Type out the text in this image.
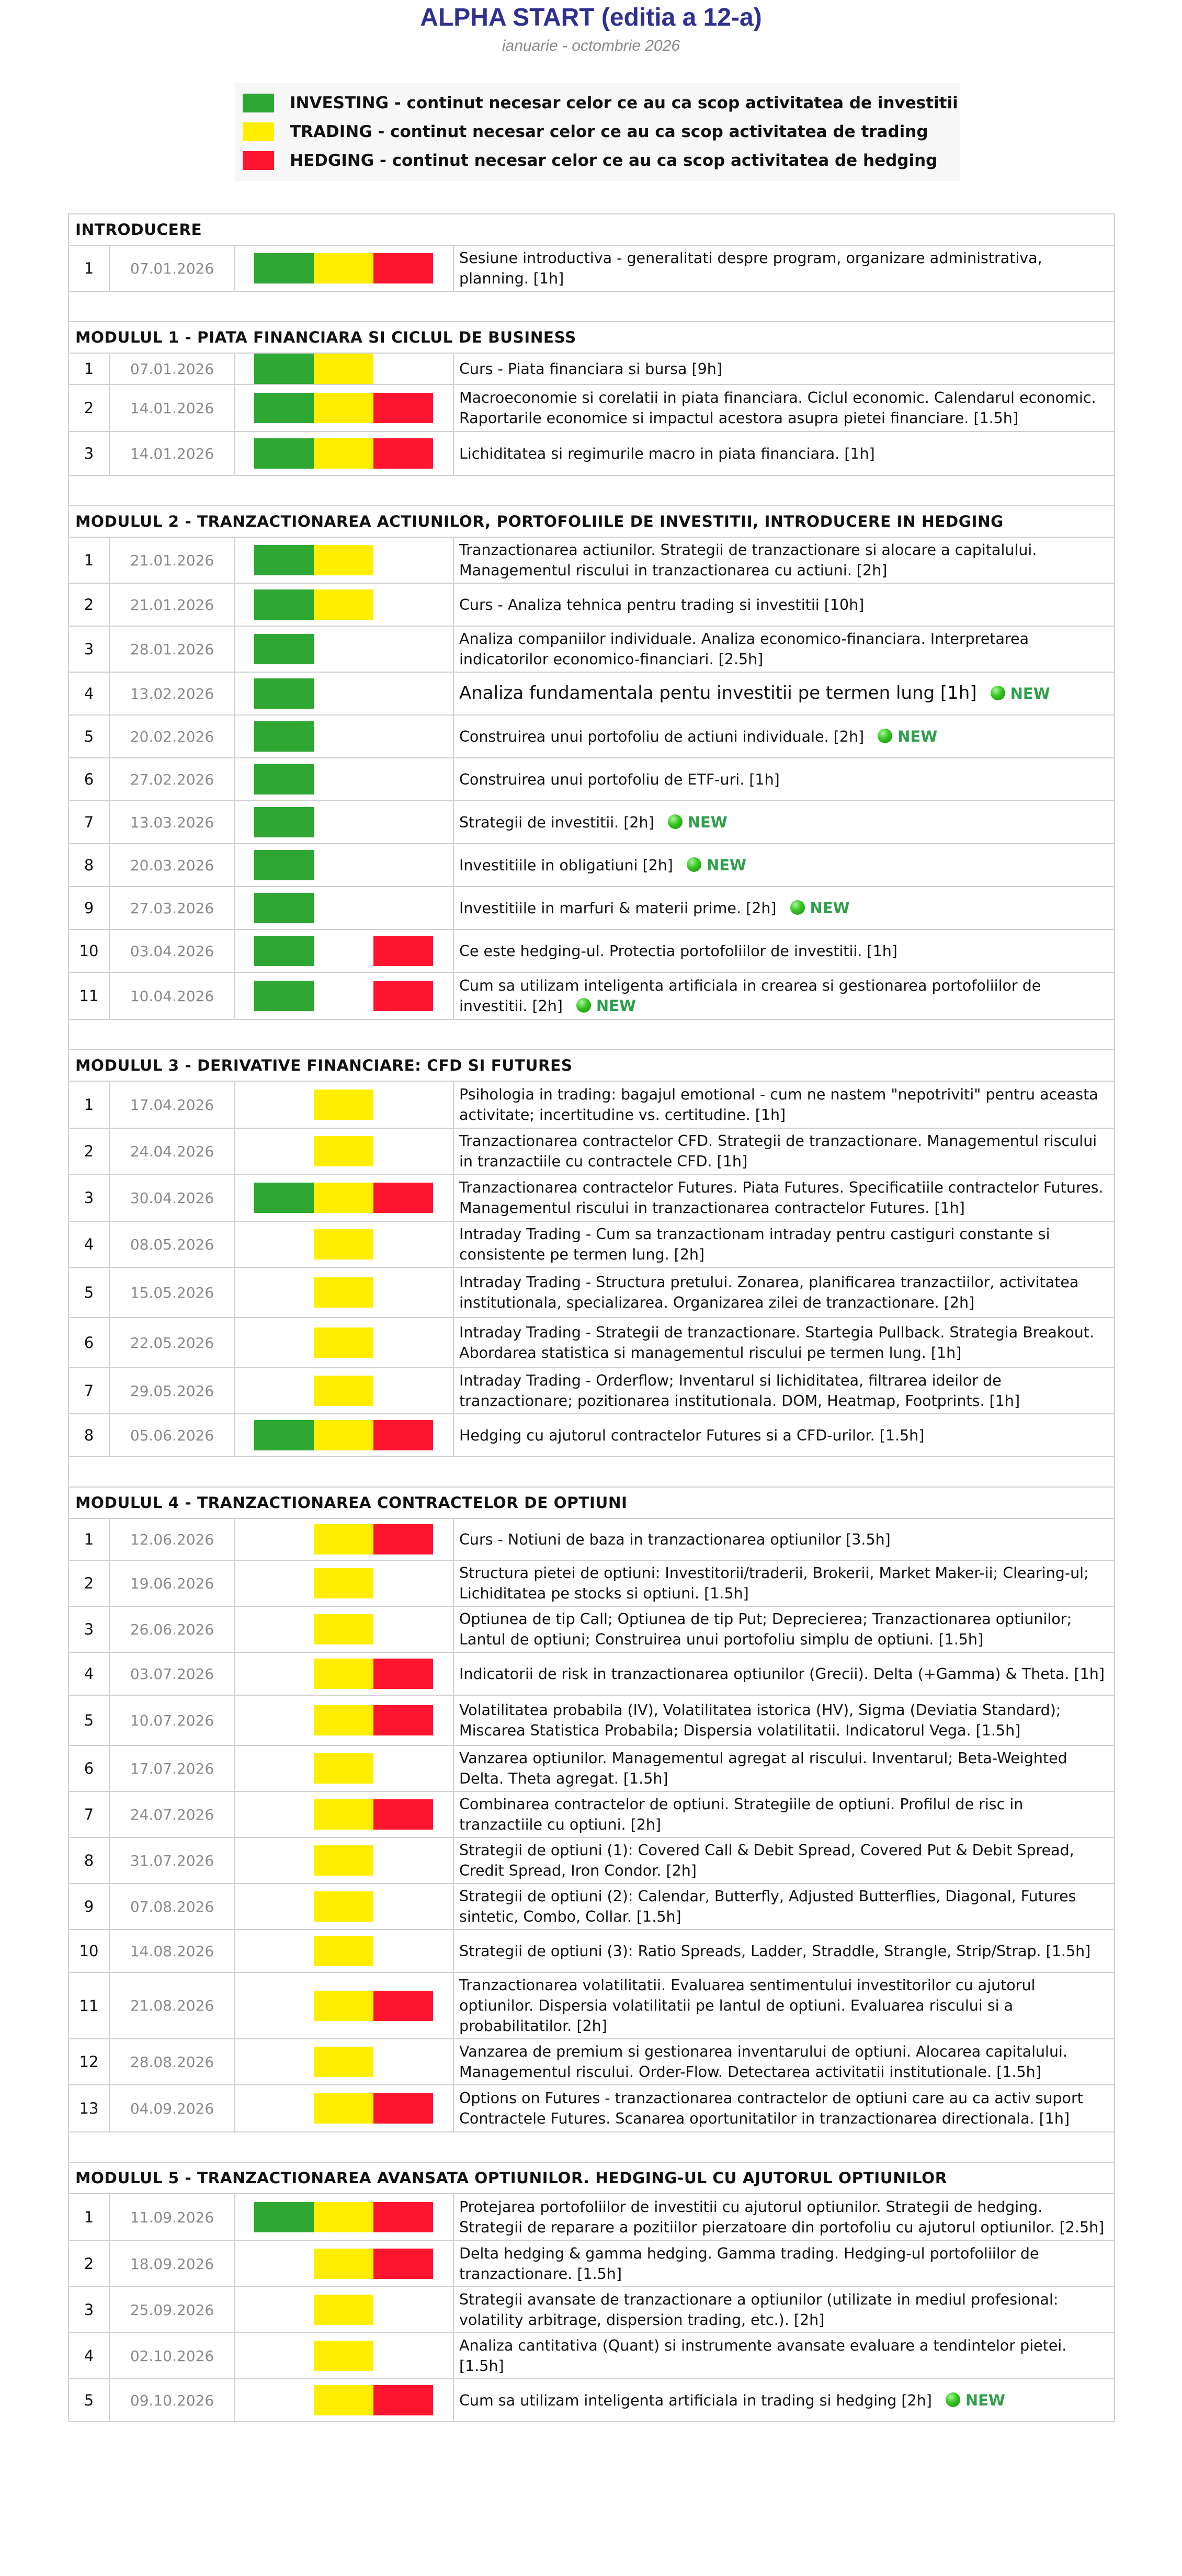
ALPHA START (editia a 12-a)
ianuarie - octombrie 2026
INVESTING - continut necesar celor ce au ca scop activitatea de investitii
TRADING - continut necesar celor ce au ca scop activitatea de trading
HEDGING - continut necesar celor ce au ca scop activitatea de hedging
INTRODUCERE			
1	07.01.2026		Sesiune introductiva - generalitati despre program, organizare administrativa, planning. [1h]

MODULUL 1 - PIATA FINANCIARA SI CICLUL DE BUSINESS			
1	07.01.2026		Curs - Piata financiara si bursa [9h]
2	14.01.2026		Macroeconomie si corelatii in piata financiara. Ciclul economic. Calendarul economic. Raportarile economice si impactul acestora asupra pietei financiare. [1.5h]
3	14.01.2026		Lichiditatea si regimurile macro in piata financiara. [1h]

MODULUL 2 - TRANZACTIONAREA ACTIUNILOR, PORTOFOLIILE DE INVESTITII, INTRODUCERE IN HEDGING			
1	21.01.2026		Tranzactionarea actiunilor. Strategii de tranzactionare si alocare a capitalului. Managementul riscului in tranzactionarea cu actiuni. [2h]
2	21.01.2026		Curs - Analiza tehnica pentru trading si investitii [10h]
3	28.01.2026		Analiza companiilor individuale. Analiza economico-financiara. Interpretarea indicatorilor economico-financiari. [2.5h]
4	13.02.2026		Analiza fundamentala pentu investitii pe termen lung [1h] NEW
5	20.02.2026		Construirea unui portofoliu de actiuni individuale. [2h] NEW
6	27.02.2026		Construirea unui portofoliu de ETF-uri. [1h]
7	13.03.2026		Strategii de investitii. [2h] NEW
8	20.03.2026		Investitiile in obligatiuni [2h] NEW
9	27.03.2026		Investitiile in marfuri & materii prime. [2h] NEW
10	03.04.2026		Ce este hedging-ul. Protectia portofoliilor de investitii. [1h]
11	10.04.2026		Cum sa utilizam inteligenta artificiala in crearea si gestionarea portofoliilor de investitii. [2h] NEW

MODULUL 3 - DERIVATIVE FINANCIARE: CFD SI FUTURES			
1	17.04.2026		Psihologia in trading: bagajul emotional - cum ne nastem "nepotriviti" pentru aceasta activitate; incertitudine vs. certitudine. [1h]
2	24.04.2026		Tranzactionarea contractelor CFD. Strategii de tranzactionare. Managementul riscului in tranzactiile cu contractele CFD. [1h]
3	30.04.2026		Tranzactionarea contractelor Futures. Piata Futures. Specificatiile contractelor Futures. Managementul riscului in tranzactionarea contractelor Futures. [1h]
4	08.05.2026		Intraday Trading - Cum sa tranzactionam intraday pentru castiguri constante si consistente pe termen lung. [2h]
5	15.05.2026		Intraday Trading - Structura pretului. Zonarea, planificarea tranzactiilor, activitatea institutionala, specializarea. Organizarea zilei de tranzactionare. [2h]
6	22.05.2026		Intraday Trading - Strategii de tranzactionare. Startegia Pullback. Strategia Breakout. Abordarea statistica si managementul riscului pe termen lung. [1h]
7	29.05.2026		Intraday Trading - Orderflow; Inventarul si lichiditatea, filtrarea ideilor de tranzactionare; pozitionarea institutionala. DOM, Heatmap, Footprints. [1h]
8	05.06.2026		Hedging cu ajutorul contractelor Futures si a CFD-urilor. [1.5h]

MODULUL 4 - TRANZACTIONAREA CONTRACTELOR DE OPTIUNI			
1	12.06.2026		Curs - Notiuni de baza in tranzactionarea optiunilor [3.5h]
2	19.06.2026		Structura pietei de optiuni: Investitorii/traderii, Brokerii, Market Maker-ii; Clearing-ul; Lichiditatea pe stocks si optiuni. [1.5h]
3	26.06.2026		Optiunea de tip Call; Optiunea de tip Put; Deprecierea; Tranzactionarea optiunilor; Lantul de optiuni; Construirea unui portofoliu simplu de optiuni. [1.5h]
4	03.07.2026		Indicatorii de risk in tranzactionarea optiunilor (Grecii). Delta (+Gamma) & Theta. [1h]
5	10.07.2026		Volatilitatea probabila (IV), Volatilitatea istorica (HV), Sigma (Deviatia Standard); Miscarea Statistica Probabila; Dispersia volatilitatii. Indicatorul Vega. [1.5h]
6	17.07.2026		Vanzarea optiunilor. Managementul agregat al riscului. Inventarul; Beta-Weighted Delta. Theta agregat. [1.5h]
7	24.07.2026		Combinarea contractelor de optiuni. Strategiile de optiuni. Profilul de risc in tranzactiile cu optiuni. [2h]
8	31.07.2026		Strategii de optiuni (1): Covered Call & Debit Spread, Covered Put & Debit Spread, Credit Spread, Iron Condor. [2h]
9	07.08.2026		Strategii de optiuni (2): Calendar, Butterfly, Adjusted Butterflies, Diagonal, Futures sintetic, Combo, Collar. [1.5h]
10	14.08.2026		Strategii de optiuni (3): Ratio Spreads, Ladder, Straddle, Strangle, Strip/Strap. [1.5h]
11	21.08.2026		Tranzactionarea volatilitatii. Evaluarea sentimentului investitorilor cu ajutorul optiunilor. Dispersia volatilitatii pe lantul de optiuni. Evaluarea riscului si a probabilitatilor. [2h]
12	28.08.2026		Vanzarea de premium si gestionarea inventarului de optiuni. Alocarea capitalului. Managementul riscului. Order-Flow. Detectarea activitatii institutionale. [1.5h]
13	04.09.2026		Options on Futures - tranzactionarea contractelor de optiuni care au ca activ suport Contractele Futures. Scanarea oportunitatilor in tranzactionarea directionala. [1h]

MODULUL 5 - TRANZACTIONAREA AVANSATA OPTIUNILOR. HEDGING-UL CU AJUTORUL OPTIUNILOR			
1	11.09.2026		Protejarea portofoliilor de investitii cu ajutorul optiunilor. Strategii de hedging. Strategii de reparare a pozitiilor pierzatoare din portofoliu cu ajutorul optiunilor. [2.5h]
2	18.09.2026		Delta hedging & gamma hedging. Gamma trading. Hedging-ul portofoliilor de tranzactionare. [1.5h]
3	25.09.2026		Strategii avansate de tranzactionare a optiunilor (utilizate in mediul profesional: volatility arbitrage, dispersion trading, etc.). [2h]
4	02.10.2026		Analiza cantitativa (Quant) si instrumente avansate evaluare a tendintelor pietei. [1.5h]
5	09.10.2026		Cum sa utilizam inteligenta artificiala in trading si hedging [2h] NEW
